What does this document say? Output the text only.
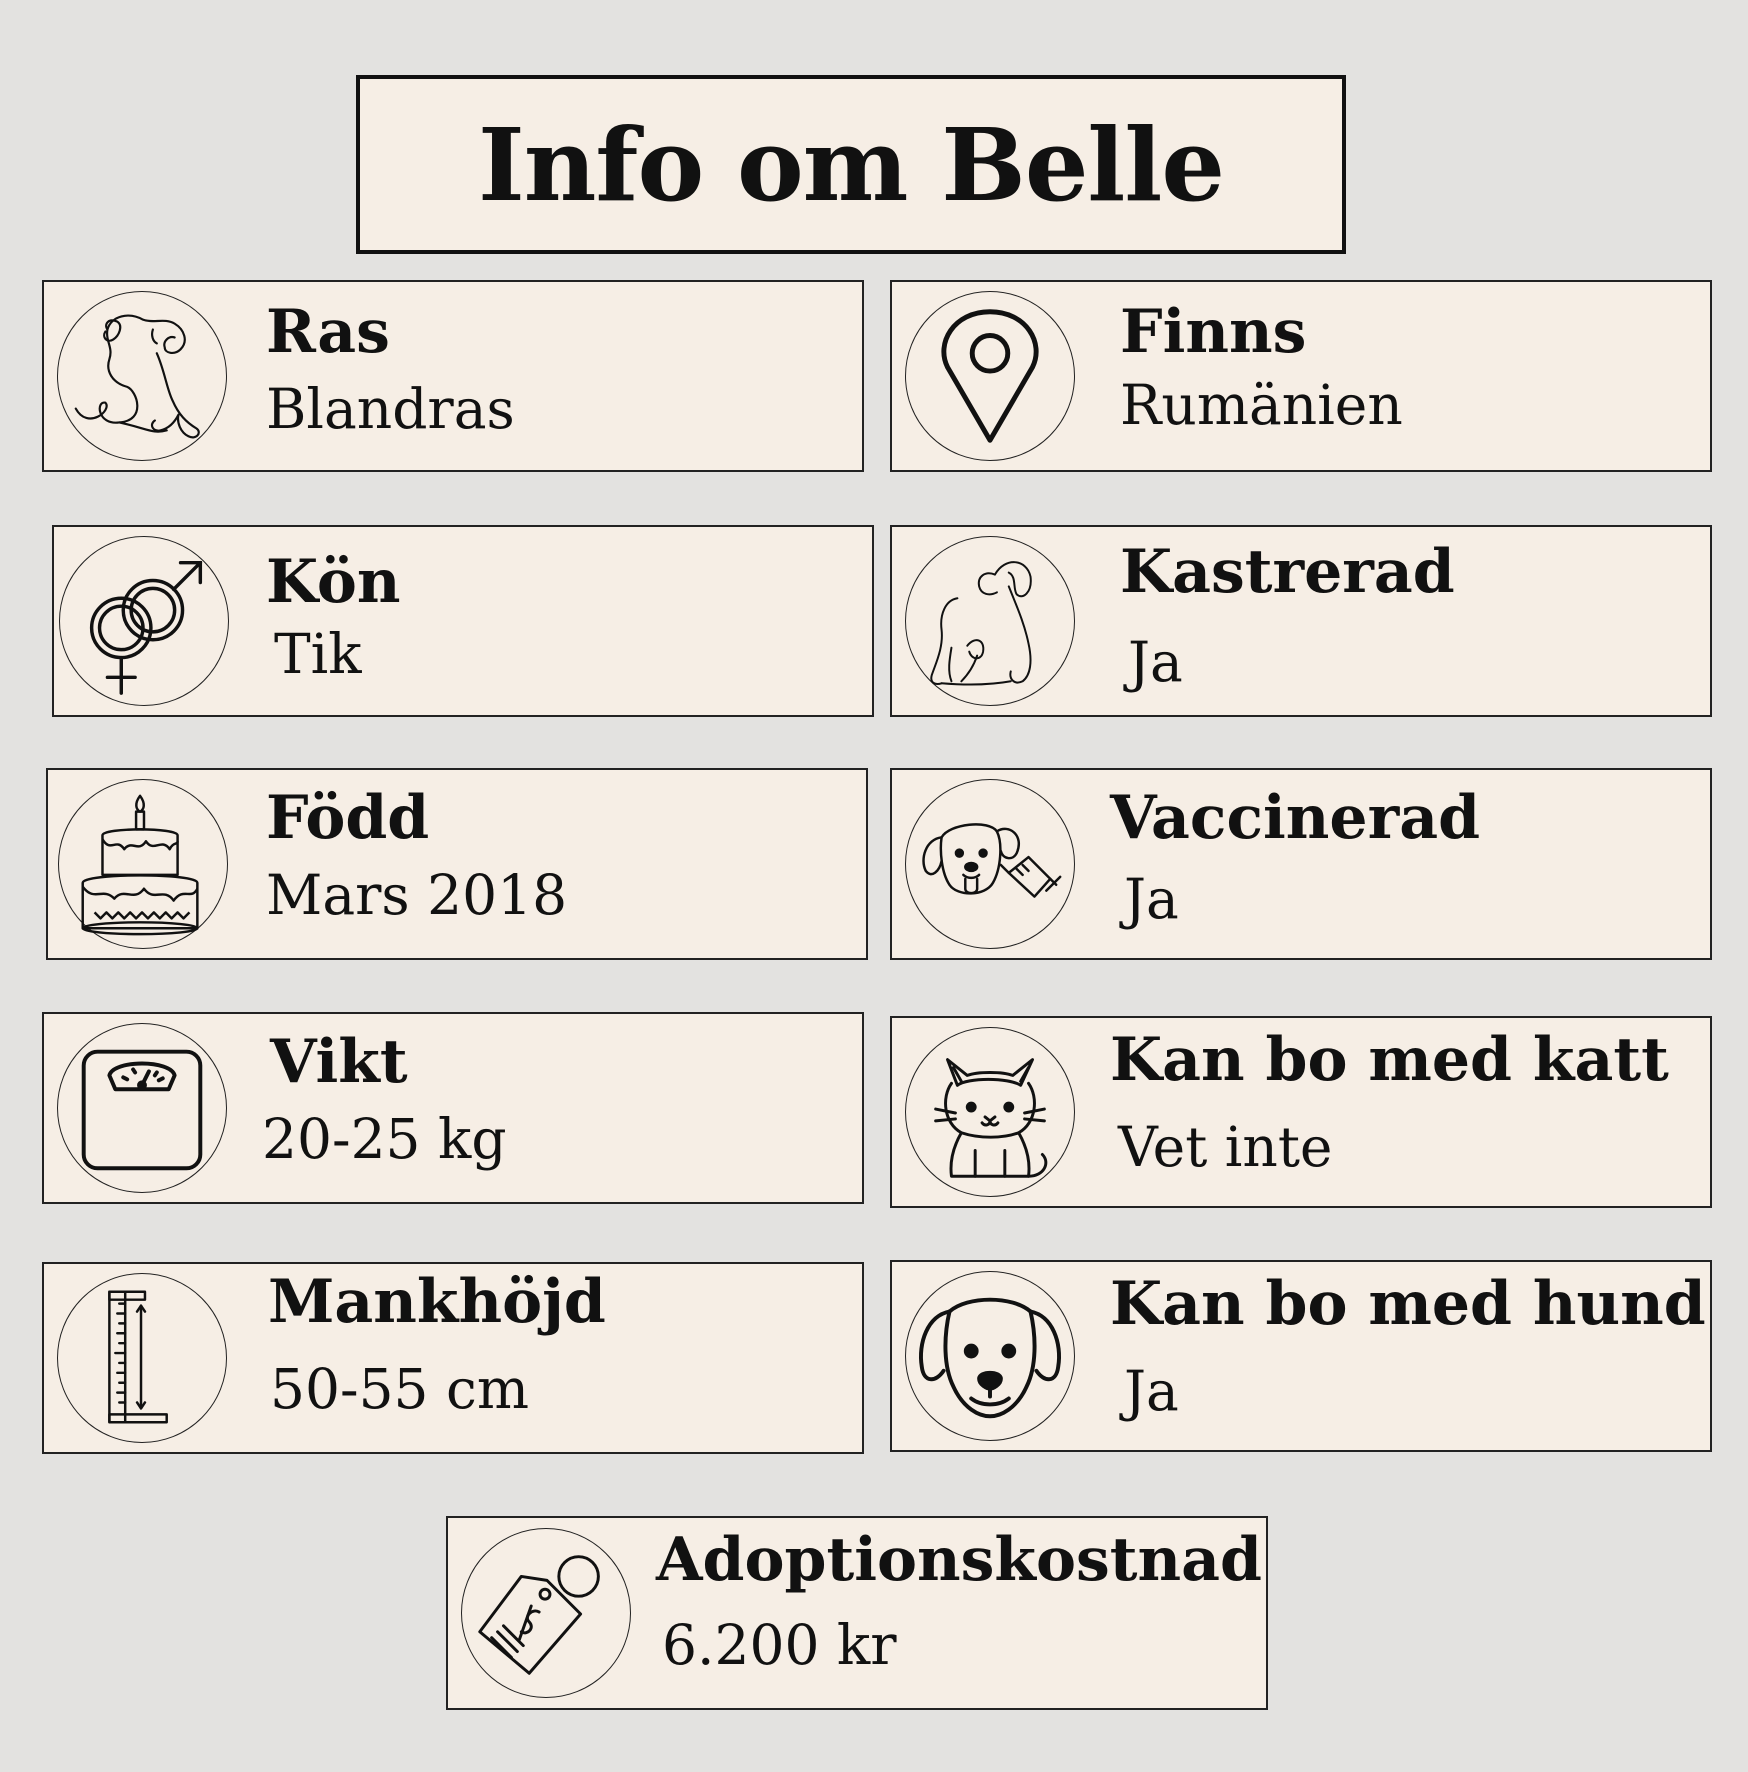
Info om Belle
Ras
Blandras
Finns
Rumänien
Kön
Tik
Kastrerad
Ja
Född
Mars 2018
Vaccinerad
Ja
Vikt
20-25 kg
Kan bo med katt
Vet inte
Mankhöjd
50-55 cm
Kan bo med hund
Ja
Adoptionskostnad
6.200 kr
